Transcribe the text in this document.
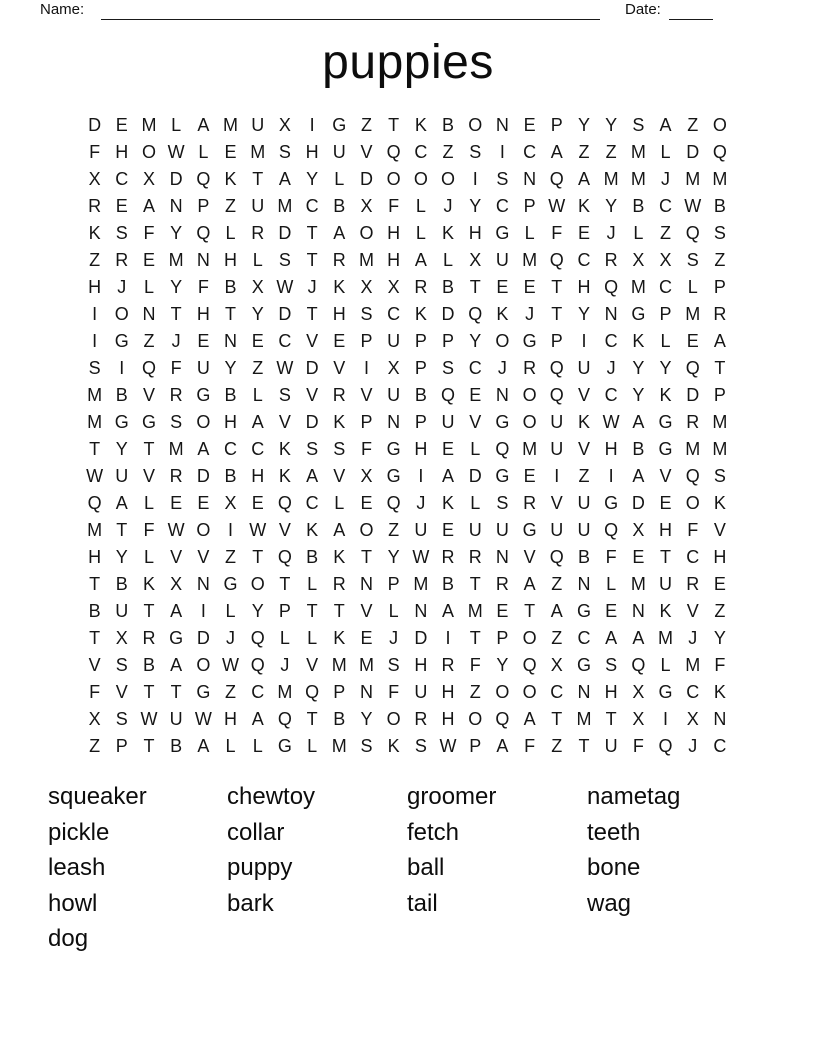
Name:	Date:
puppies
D E M L A M U X	I G Z T K B O N E P Y Y S A Z O
F H O W L E M S H U V Q C Z S	I	C A Z Z M L D Q
X C X D Q K T A Y L D O O O I	S N Q A M M J M M
R E A N P Z U M C B X F L J Y C P W K Y B C W B
K S F Y Q L R D T A O H L K H G L F E J L Z Q S
Z R E M N H L S T R M H A L X U M Q C R X X S Z
H J L Y F B X W J K X X R B T E E T H Q M C L P
I O N T H T Y D T H S C K D Q K J T Y N G P M R
I G Z J E N E C V E P U P P Y O G P	I	C K L E A
S	I Q F U Y Z W D V	I	X P S C J R Q U J Y Y Q T
M B V R G B L S V R V U B Q E N O Q V C Y K D P
M G G S O H A V D K P N P U V G O U K W A G R M
T Y T M A C C K S S F G H E L Q M U V H B G M M
W U V R D B H K A V X G I	A D G E	I	Z	I	A V Q S
Q A L E E X E Q C L E Q J K L S R V U G D E O K
M T F W O I W V K A O Z U E U U G U U Q X H F V
H Y L V V Z T Q B K T Y W R R N V Q B F E T C H
T B K X N G O T L R N P M B T R A Z N L M U R E
B U T A	I	L Y P T T V L N A M E T A G E N K V Z
T X R G D J Q L L K E J D	I	T P O Z C A A M J Y
V S B A O W Q J V M M S H R F Y Q X G S Q L M F
F V T T G Z C M Q P N F U H Z O O C N H X G C K
X S W U W H A Q T B Y O R H O Q A T M T X	I	X N
Z P T B A L L G L M S K S W P A F Z T U F Q J C
squeaker
pickle
leash
howl
dog
chewtoy
collar
puppy
bark
groomer
fetch
ball
tail
nametag
teeth
bone
wag
